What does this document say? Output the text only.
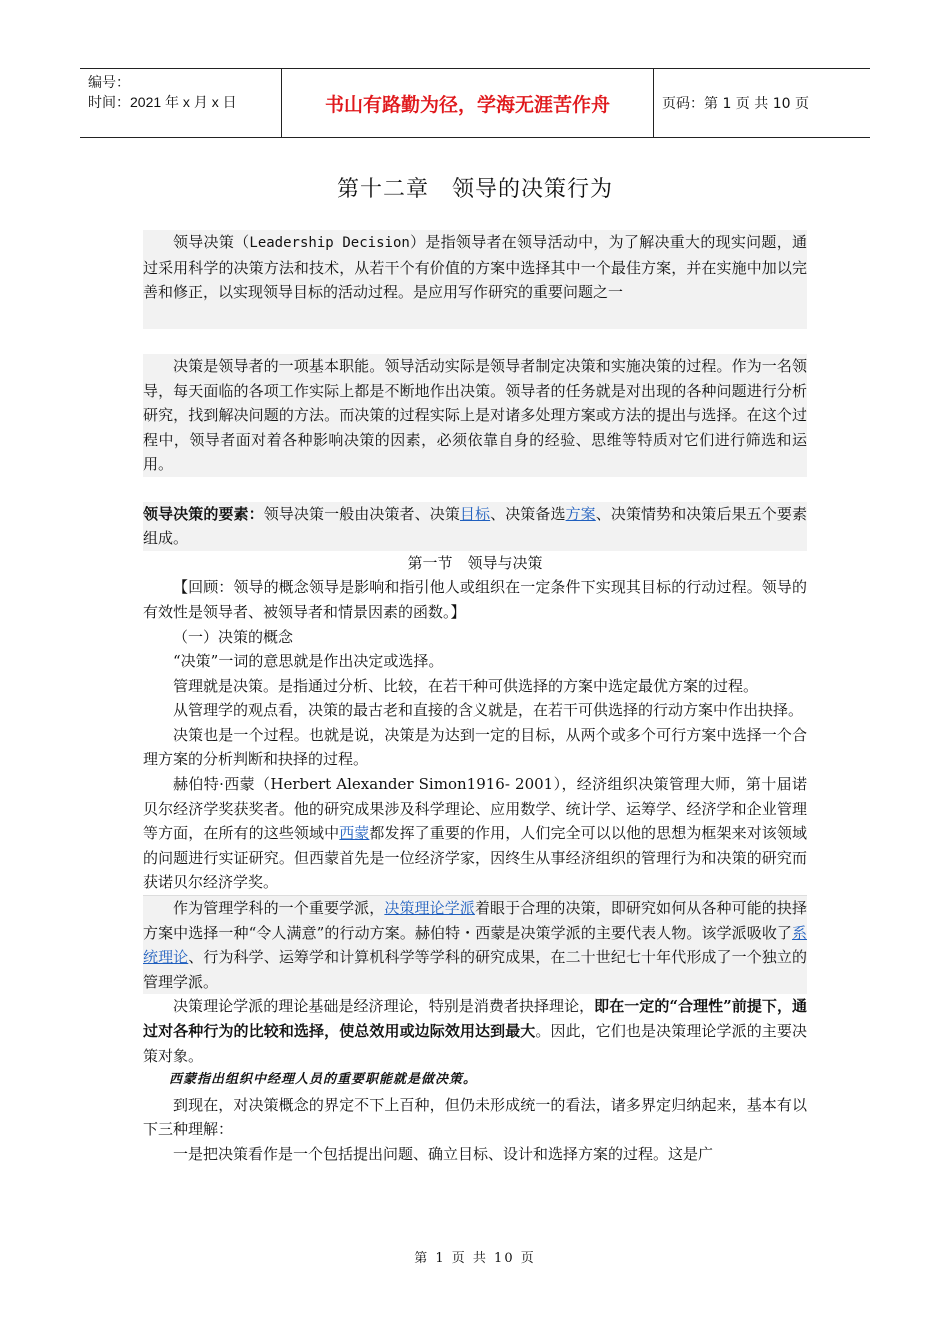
编号：
时间：2021 年 x 月 x 日	书山有路勤为径，学海无涯苦作舟	页码：第 1 页 共 10 页
第十二章　领导的决策行为

领导决策（Leadership Decision）是指领导者在领导活动中，为了解决重大的现实问题，通过采用科学的决策方法和技术，从若干个有价值的方案中选择其中一个最佳方案，并在实施中加以完善和修正，以实现领导目标的活动过程。是应用写作研究的重要问题之一

决策是领导者的一项基本职能。领导活动实际是领导者制定决策和实施决策的过程。作为一名领导，每天面临的各项工作实际上都是不断地作出决策。领导者的任务就是对出现的各种问题进行分析研究，找到解决问题的方法。而决策的过程实际上是对诸多处理方案或方法的提出与选择。在这个过程中，领导者面对着各种影响决策的因素，必须依靠自身的经验、思维等特质对它们进行筛选和运用。

领导决策的要素：领导决策一般由决策者、决策目标、决策备选方案、决策情势和决策后果五个要素组成。

第一节　领导与决策

【回顾：领导的概念领导是影响和指引他人或组织在一定条件下实现其目标的行动过程。领导的有效性是领导者、被领导者和情景因素的函数。】

（一）决策的概念

“决策”一词的意思就是作出决定或选择。

管理就是决策。是指通过分析、比较，在若干种可供选择的方案中选定最优方案的过程。

从管理学的观点看，决策的最古老和直接的含义就是，在若干可供选择的行动方案中作出抉择。

决策也是一个过程。也就是说，决策是为达到一定的目标，从两个或多个可行方案中选择一个合理方案的分析判断和抉择的过程。

赫伯特·西蒙（Herbert Alexander Simon1916- 2001），经济组织决策管理大师，第十届诺贝尔经济学奖获奖者。他的研究成果涉及科学理论、应用数学、统计学、运筹学、经济学和企业管理等方面，在所有的这些领域中西蒙都发挥了重要的作用，人们完全可以以他的思想为框架来对该领域的问题进行实证研究。但西蒙首先是一位经济学家，因终生从事经济组织的管理行为和决策的研究而获诺贝尔经济学奖。

作为管理学科的一个重要学派，决策理论学派着眼于合理的决策，即研究如何从各种可能的抉择方案中选择一种“令人满意”的行动方案。赫伯特・西蒙是决策学派的主要代表人物。该学派吸收了系统理论、行为科学、运筹学和计算机科学等学科的研究成果，在二十世纪七十年代形成了一个独立的管理学派。

决策理论学派的理论基础是经济理论，特别是消费者抉择理论，即在一定的“合理性”前提下，通过对各种行为的比较和选择，使总效用或边际效用达到最大。因此，它们也是决策理论学派的主要决策对象。

西蒙指出组织中经理人员的重要职能就是做决策。

到现在，对决策概念的界定不下上百种，但仍未形成统一的看法，诸多界定归纳起来，基本有以下三种理解：

一是把决策看作是一个包括提出问题、确立目标、设计和选择方案的过程。这是广

第 1 页 共 10 页
